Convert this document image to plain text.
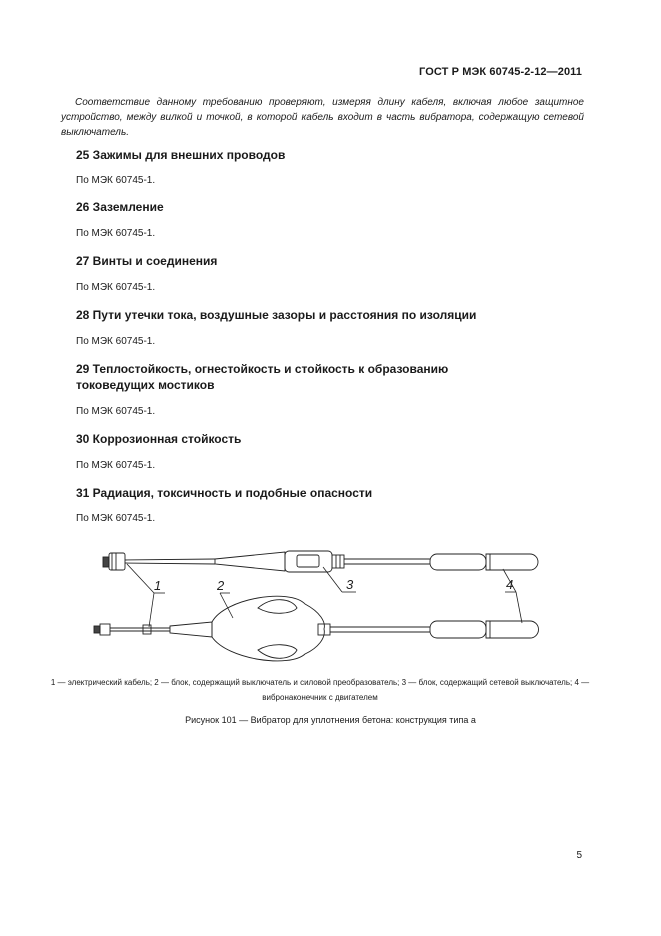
ГОСТ Р МЭК 60745-2-12—2011
Соответствие данному требованию проверяют, измеряя длину кабеля, включая любое защитное устройство, между вилкой и точкой, в которой кабель входит в часть вибратора, содержащую сетевой выключатель.
25 Зажимы для внешних проводов
По МЭК 60745-1.
26 Заземление
По МЭК 60745-1.
27 Винты и соединения
По МЭК 60745-1.
28 Пути утечки тока, воздушные зазоры и расстояния по изоляции
По МЭК 60745-1.
29 Теплостойкость, огнестойкость и стойкость к образованию токоведущих мостиков
По МЭК 60745-1.
30 Коррозионная стойкость
По МЭК 60745-1.
31 Радиация, токсичность и подобные опасности
По МЭК 60745-1.
1	2	3	4
1 — электрический кабель; 2 — блок, содержащий выключатель и силовой преобразователь; 3 — блок, содержащий сетевой выключатель; 4 — вибронаконечник с двигателем
Рисунок 101 — Вибратор для уплотнения бетона: конструкция типа а
5
